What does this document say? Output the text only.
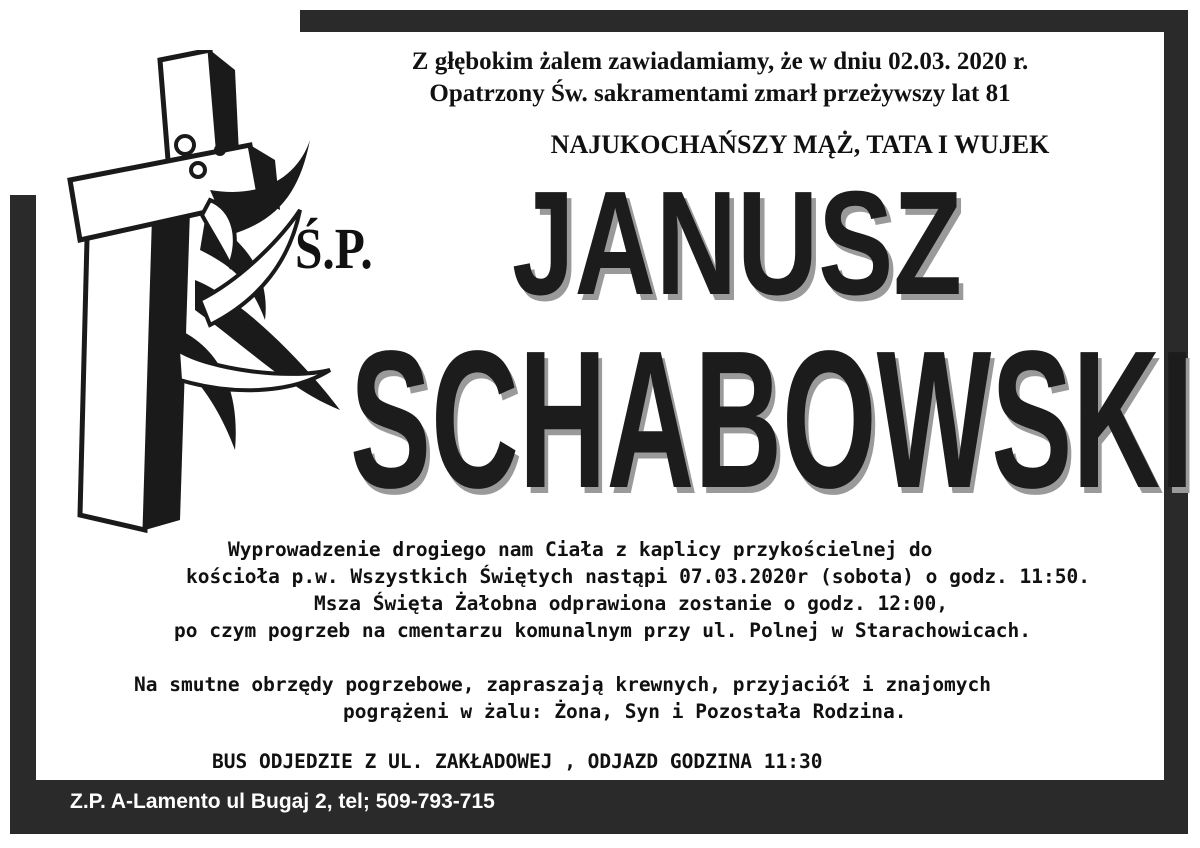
Z głębokim żalem zawiadamiamy, że w dniu 02.03. 2020 r.
Opatrzony Św. sakramentami zmarł przeżywszy lat 81
NAJUKOCHAŃSZY MĄŻ, TATA I WUJEK
Ś.P. JANUSZ
SCHABOWSKI
Wyprowadzenie drogiego nam Ciała z kaplicy przykościelnej do
kościoła p.w. Wszystkich Świętych nastąpi 07.03.2020r (sobota) o godz. 11:50.
Msza Święta Żałobna odprawiona zostanie o godz. 12:00,
po czym pogrzeb na cmentarzu komunalnym przy ul. Polnej w Starachowicach.
Na smutne obrzędy pogrzebowe, zapraszają krewnych, przyjaciół i znajomych
pogrążeni w żalu: Żona, Syn i Pozostała Rodzina.
BUS ODJEDZIE Z UL. ZAKŁADOWEJ , ODJAZD GODZINA 11:30
Z.P. A-Lamento ul Bugaj 2, tel; 509-793-715
